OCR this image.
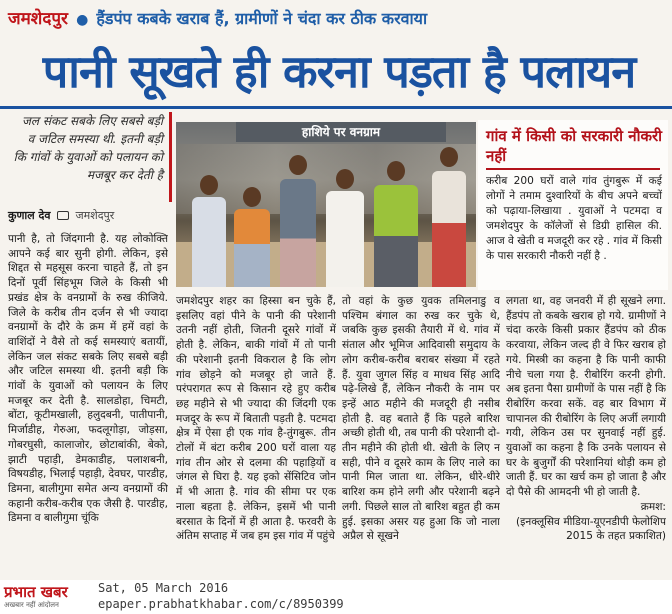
जमशेदपुर ● हैंडपंप कबके खराब हैं, ग्रामीणों ने चंदा कर ठीक करवाया
पानी सूखते ही करना पड़ता है पलायन
जल संकट सबके लिए सबसे बड़ी व जटिल समस्या थी. इतनी बड़ी कि गांवों के युवाओं को पलायन को मजबूर कर देती है
कुणाल देव जमशेदपुर
हाशिये पर वनग्राम	गांव में किसी को सरकारी नौकरी नहीं
करीब 200 घरों वाले गांव तुंगबुरू में कई लोगों ने तमाम दुश्वारियों के बीच अपने बच्चों को पढ़ाया-लिखाया . युवाओं ने पटमदा व जमशेदपुर के कॉलेजों से डिग्री हासिल की. आज वे खेती व मजदूरी कर रहे . गांव में किसी के पास सरकारी नौकरी नहीं है .

पानी है, तो जिंदगानी है. यह लोकोक्ति आपने कई बार सुनी होगी. लेकिन, इसे शिद्दत से महसूस करना चाहते हैं, तो इन दिनों पूर्वी सिंहभूम जिले के किसी भी प्रखंड क्षेत्र के वनग्रामों के रुख कीजिये. जिले के करीब तीन दर्जन से भी ज्यादा वनग्रामों के दौरे के क्रम में हमें वहां के वाशिंदों ने वैसे तो कई समस्याएं बतायीं, लेकिन जल संकट सबके लिए सबसे बड़ी और जटिल समस्या थी. इतनी बड़ी कि गांवों के युवाओं को पलायन के लिए मजबूर कर देती है. सालडोहा, चिमटी, बोंटा, कूटीमखाली, हलुदबनी, पातीपानी, मिर्जाडीह, गेरुआ, फदलूगोड़ा, जोड़सा, गोबरघुसी, कालाजोर, छोटाबांकी, बेको, झाटी पहाड़ी, डेमकाडीह, पलाशबनी, विषयडीह, भिलाई पहाड़ी, देवघर, पारडीह, डिमना, बालीगुमा समेत अन्य वनग्रामों की कहानी करीब-करीब एक जैसी है. पारडीह, डिमना व बालीगुमा चूंकि

जमशेदपुर शहर का हिस्सा बन चुके हैं, इसलिए वहां पीने के पानी की परेशानी उतनी नहीं होती, जितनी दूसरे गांवों में होती है. लेकिन, बाकी गांवों में तो पानी की परेशानी इतनी विकराल है कि लोग गांव छोड़ने को मजबूर हो जाते हैं. परंपरागत रूप से किसान रहे हुए करीब छह महीने से भी ज्यादा की जिंदगी एक मजदूर के रूप में बिताती पड़ती है. पटमदा क्षेत्र में ऐसा ही एक गांव है-तुंगबुरू. तीन टोलों में बंटा करीब 200 घरों वाला यह गांव तीन ओर से दलमा की पहाड़ियों व जंगल से घिरा है. यह इको सेंसिटिव जोन में भी आता है. गांव की सीमा पर एक नाला बहता है. लेकिन, इसमें भी पानी बरसात के दिनों में ही आता है. फरवरी के अंतिम सप्ताह में जब हम इस गांव में पहुंचे

तो वहां के कुछ युवक तमिलनाडु व पश्चिम बंगाल का रुख कर चुके थे, जबकि कुछ इसकी तैयारी में थे. गांव में संताल और भूमिज आदिवासी समुदाय के लोग करीब-करीब बराबर संख्या में रहते हैं. युवा जुगल सिंह व माधव सिंह आदि पढ़े-लिखे हैं, लेकिन नौकरी के नाम पर इन्हें आठ महीने की मजदूरी ही नसीब होती है. वह बताते हैं कि पहले बारिश अच्छी होती थी, तब पानी की परेशानी दो-तीन महीने की होती थी. खेती के लिए न सही, पीने व दूसरे काम के लिए नाले का पानी मिल जाता था. लेकिन, धीरे-धीरे बारिश कम होने लगी और परेशानी बढ़ने लगी. पिछले साल तो बारिश बहुत ही कम हुई. इसका असर यह हुआ कि जो नाला अप्रैल से सूखने

लगता था, वह जनवरी में ही सूखने लगा. हैंडपंप तो कबके खराब हो गये. ग्रामीणों ने चंदा करके किसी प्रकार हैंडपंप को ठीक करवाया, लेकिन जल्द ही वे फिर खराब हो गये. मिस्त्री का कहना है कि पानी काफी नीचे चला गया है. रीबोरिंग करनी होगी. अब इतना पैसा ग्रामीणों के पास नहीं है कि रीबोरिंग करवा सकें. वह बार विभाग में चापानल की रीबोरिंग के लिए अर्जी लगायी गयी, लेकिन उस पर सुनवाई नहीं हुई. युवाओं का कहना है कि उनके पलायन से घर के बुजुर्गों की परेशानियां थोड़ी कम हो जाती हैं. घर का खर्च कम हो जाता है और दो पैसे की आमदनी भी हो जाती है.

क्रमश:

(इनक्लूसिव मीडिया-यूएनडीपी फेलोशिप 2015 के तहत प्रकाशित)

प्रभात खबर
अखबार नहीं आंदोलन
Sat, 05 March 2016
epaper.prabhatkhabar.com/c/8950399
